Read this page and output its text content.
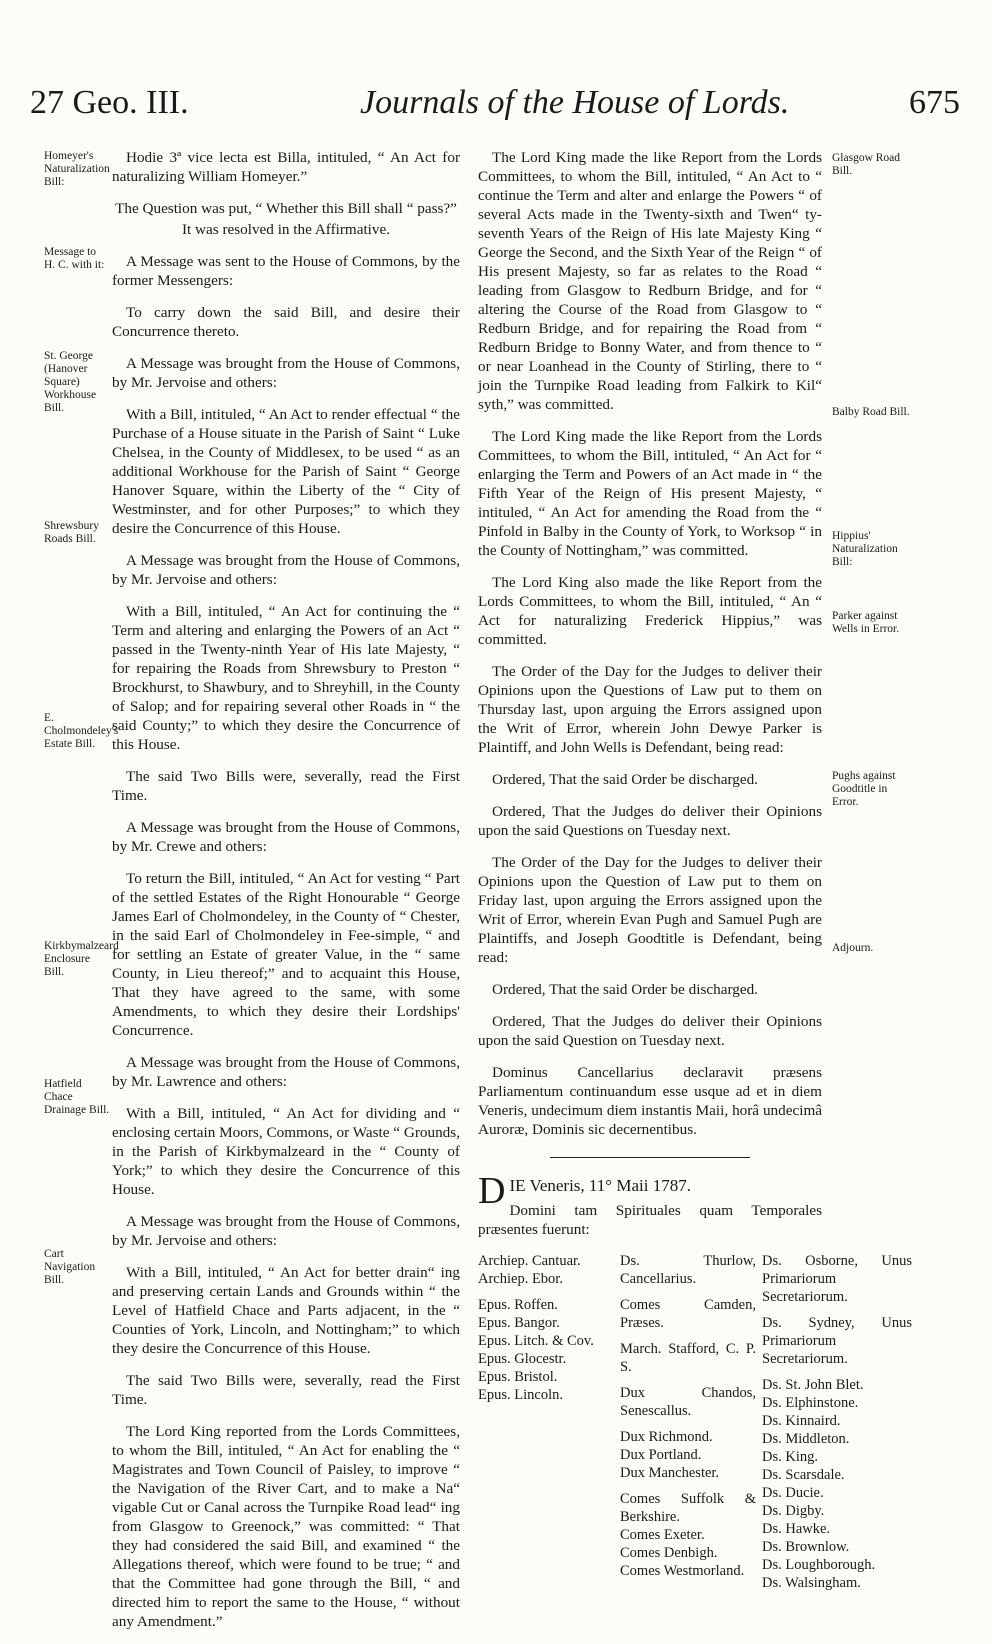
27 Geo. III.	Journals of the House of Lords.	675
Homeyer's Naturalization Bill:
Message to H. C. with it:
St. George (Hanover Square) Workhouse Bill.
Shrewsbury Roads Bill.
E. Cholmondeley's Estate Bill.
Kirkbymalzeard Enclosure Bill.
Hatfield Chace Drainage Bill.
Cart Navigation Bill.
Glasgow Road Bill.
Balby Road Bill.
Hippius' Naturalization Bill:
Parker against Wells in Error.
Pughs against Goodtitle in Error.
Adjourn.

Hodie 3ª vice lecta est Billa, intituled, “ An Act for naturalizing William Homeyer.”

The Question was put, “ Whether this Bill shall “ pass?”

It was resolved in the Affirmative.

A Message was sent to the House of Commons, by the former Messengers:

To carry down the said Bill, and desire their Concurrence thereto.

A Message was brought from the House of Commons, by Mr. Jervoise and others:

With a Bill, intituled, “ An Act to render effectual “ the Purchase of a House situate in the Parish of Saint “ Luke Chelsea, in the County of Middlesex, to be used “ as an additional Workhouse for the Parish of Saint “ George Hanover Square, within the Liberty of the “ City of Westminster, and for other Purposes;” to which they desire the Concurrence of this House.

A Message was brought from the House of Commons, by Mr. Jervoise and others:

With a Bill, intituled, “ An Act for continuing the “ Term and altering and enlarging the Powers of an Act “ passed in the Twenty-ninth Year of His late Majesty, “ for repairing the Roads from Shrewsbury to Preston “ Brockhurst, to Shawbury, and to Shreyhill, in the County of Salop; and for repairing several other Roads in “ the said County;” to which they desire the Concurrence of this House.

The said Two Bills were, severally, read the First Time.

A Message was brought from the House of Commons, by Mr. Crewe and others:

To return the Bill, intituled, “ An Act for vesting “ Part of the settled Estates of the Right Honourable “ George James Earl of Cholmondeley, in the County of “ Chester, in the said Earl of Cholmondeley in Fee-simple, “ and for settling an Estate of greater Value, in the “ same County, in Lieu thereof;” and to acquaint this House, That they have agreed to the same, with some Amendments, to which they desire their Lordships' Concurrence.

A Message was brought from the House of Commons, by Mr. Lawrence and others:

With a Bill, intituled, “ An Act for dividing and “ enclosing certain Moors, Commons, or Waste “ Grounds, in the Parish of Kirkbymalzeard in the “ County of York;” to which they desire the Concurrence of this House.

A Message was brought from the House of Commons, by Mr. Jervoise and others:

With a Bill, intituled, “ An Act for better drain“ ing and preserving certain Lands and Grounds within “ the Level of Hatfield Chace and Parts adjacent, in the “ Counties of York, Lincoln, and Nottingham;” to which they desire the Concurrence of this House.

The said Two Bills were, severally, read the First Time.

The Lord King reported from the Lords Committees, to whom the Bill, intituled, “ An Act for enabling the “ Magistrates and Town Council of Paisley, to improve “ the Navigation of the River Cart, and to make a Na“ vigable Cut or Canal across the Turnpike Road lead“ ing from Glasgow to Greenock,” was committed: “ That they had considered the said Bill, and examined “ the Allegations thereof, which were found to be true; “ and that the Committee had gone through the Bill, “ and directed him to report the same to the House, “ without any Amendment.”

The Lord King made the like Report from the Lords Committees, to whom the Bill, intituled, “ An Act to “ continue the Term and alter and enlarge the Powers “ of several Acts made in the Twenty-sixth and Twen“ ty-seventh Years of the Reign of His late Majesty King “ George the Second, and the Sixth Year of the Reign “ of His present Majesty, so far as relates to the Road “ leading from Glasgow to Redburn Bridge, and for “ altering the Course of the Road from Glasgow to “ Redburn Bridge, and for repairing the Road from “ Redburn Bridge to Bonny Water, and from thence to “ or near Loanhead in the County of Stirling, there to “ join the Turnpike Road leading from Falkirk to Kil“ syth,” was committed.

The Lord King made the like Report from the Lords Committees, to whom the Bill, intituled, “ An Act for “ enlarging the Term and Powers of an Act made in “ the Fifth Year of the Reign of His present Majesty, “ intituled, “ An Act for amending the Road from the “ Pinfold in Balby in the County of York, to Worksop “ in the County of Nottingham,” was committed.

The Lord King also made the like Report from the Lords Committees, to whom the Bill, intituled, “ An “ Act for naturalizing Frederick Hippius,” was committed.

The Order of the Day for the Judges to deliver their Opinions upon the Questions of Law put to them on Thursday last, upon arguing the Errors assigned upon the Writ of Error, wherein John Dewye Parker is Plaintiff, and John Wells is Defendant, being read:

Ordered, That the said Order be discharged.

Ordered, That the Judges do deliver their Opinions upon the said Questions on Tuesday next.

The Order of the Day for the Judges to deliver their Opinions upon the Question of Law put to them on Friday last, upon arguing the Errors assigned upon the Writ of Error, wherein Evan Pugh and Samuel Pugh are Plaintiffs, and Joseph Goodtitle is Defendant, being read:

Ordered, That the said Order be discharged.

Ordered, That the Judges do deliver their Opinions upon the said Question on Tuesday next.

Dominus Cancellarius declaravit præsens Parliamentum continuandum esse usque ad et in diem Veneris, undecimum diem instantis Maii, horâ undecimâ Auroræ, Dominis sic decernentibus.

DIE Veneris, 11° Maii 1787.

Domini tam Spirituales quam Temporales præsentes fuerunt:

Archiep. Cantuar.
Archiep. Ebor.
Epus. Roffen.
Epus. Bangor.
Epus. Litch. & Cov.
Epus. Glocestr.
Epus. Bristol.
Epus. Lincoln.
Ds. Thurlow, Cancellarius.
Comes Camden, Præses.
March. Stafford, C. P. S.
Dux Chandos, Senescallus.
Dux Richmond.
Dux Portland.
Dux Manchester.
Comes Suffolk & Berkshire.
Comes Exeter.
Comes Denbigh.
Comes Westmorland.
Ds. Osborne, Unus Primariorum Secretariorum.
Ds. Sydney, Unus Primariorum Secretariorum.
Ds. St. John Blet.
Ds. Elphinstone.
Ds. Kinnaird.
Ds. Middleton.
Ds. King.
Ds. Scarsdale.
Ds. Ducie.
Ds. Digby.
Ds. Hawke.
Ds. Brownlow.
Ds. Loughborough.
Ds. Walsingham.
